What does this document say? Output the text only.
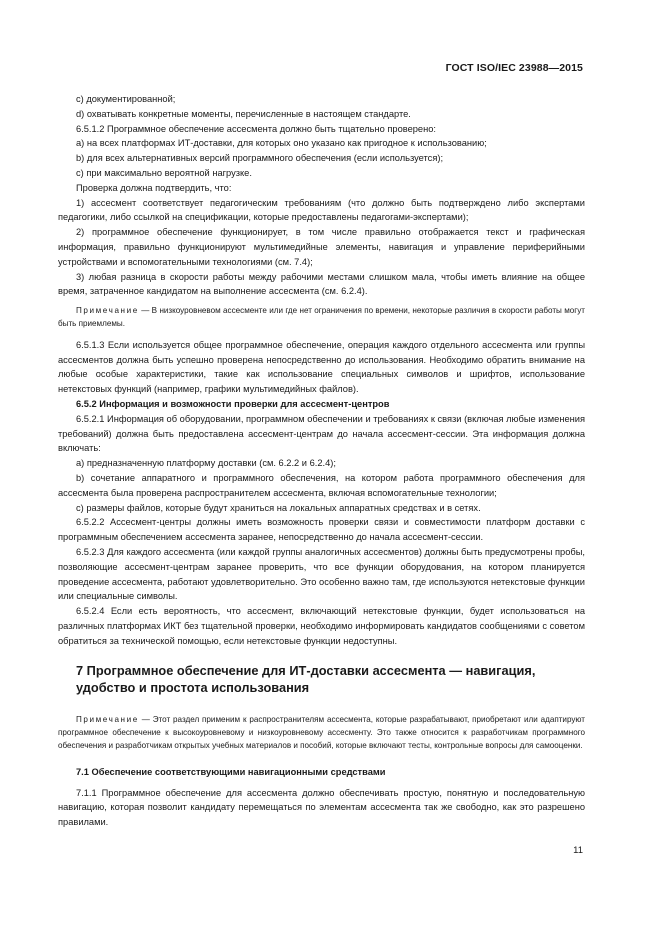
ГОСТ ISO/IEC 23988—2015

c) документированной;

d) охватывать конкретные моменты, перечисленные в настоящем стандарте.

6.5.1.2 Программное обеспечение ассесмента должно быть тщательно проверено:

a) на всех платформах ИТ-доставки, для которых оно указано как пригодное к использованию;

b) для всех альтернативных версий программного обеспечения (если используется);

c) при максимально вероятной нагрузке.

Проверка должна подтвердить, что:

1) ассесмент соответствует педагогическим требованиям (что должно быть подтверждено либо экспертами педагогики, либо ссылкой на спецификации, которые предоставлены педагогами-экспертами);

2) программное обеспечение функционирует, в том числе правильно отображается текст и графическая информация, правильно функционируют мультимедийные элементы, навигация и управление периферийными устройствами и вспомогательными технологиями (см. 7.4);

3) любая разница в скорости работы между рабочими местами слишком мала, чтобы иметь влияние на общее время, затраченное кандидатом на выполнение ассесмента (см. 6.2.4).

Примечание — В низкоуровневом ассесменте или где нет ограничения по времени, некоторые различия в скорости работы могут быть приемлемы.

6.5.1.3 Если используется общее программное обеспечение, операция каждого отдельного ассесмента или группы ассесментов должна быть успешно проверена непосредственно до использования. Необходимо обратить внимание на любые особые характеристики, такие как использование специальных символов и шрифтов, использование нетекстовых функций (например, графики мультимедийных файлов).

6.5.2 Информация и возможности проверки для ассесмент-центров

6.5.2.1 Информация об оборудовании, программном обеспечении и требованиях к связи (включая любые изменения требований) должна быть предоставлена ассесмент-центрам до начала ассесмент-сессии. Эта информация должна включать:

a) предназначенную платформу доставки (см. 6.2.2 и 6.2.4);

b) сочетание аппаратного и программного обеспечения, на котором работа программного обеспечения для ассесмента была проверена распространителем ассесмента, включая вспомогательные технологии;

c) размеры файлов, которые будут храниться на локальных аппаратных средствах и в сетях.

6.5.2.2 Ассесмент-центры должны иметь возможность проверки связи и совместимости платформ доставки с программным обеспечением ассесмента заранее, непосредственно до начала ассесмент-сессии.

6.5.2.3 Для каждого ассесмента (или каждой группы аналогичных ассесментов) должны быть предусмотрены пробы, позволяющие ассесмент-центрам заранее проверить, что все функции оборудования, на котором планируется проведение ассесмента, работают удовлетворительно. Это особенно важно там, где используются нетекстовые функции или специальные символы.

6.5.2.4 Если есть вероятность, что ассесмент, включающий нетекстовые функции, будет использоваться на различных платформах ИКТ без тщательной проверки, необходимо информировать кандидатов сообщениями с советом обратиться за технической помощью, если нетекстовые функции недоступны.

7 Программное обеспечение для ИТ-доставки ассесмента — навигация, удобство и простота использования

Примечание — Этот раздел применим к распространителям ассесмента, которые разрабатывают, приобретают или адаптируют программное обеспечение к высокоуровневому и низкоуровневому ассесменту. Это также относится к разработчикам программного обеспечения и разработчикам открытых учебных материалов и пособий, которые включают тесты, контрольные вопросы для самооценки.

7.1 Обеспечение соответствующими навигационными средствами

7.1.1 Программное обеспечение для ассесмента должно обеспечивать простую, понятную и последовательную навигацию, которая позволит кандидату перемещаться по элементам ассесмента так же свободно, как это разрешено правилами.

11
